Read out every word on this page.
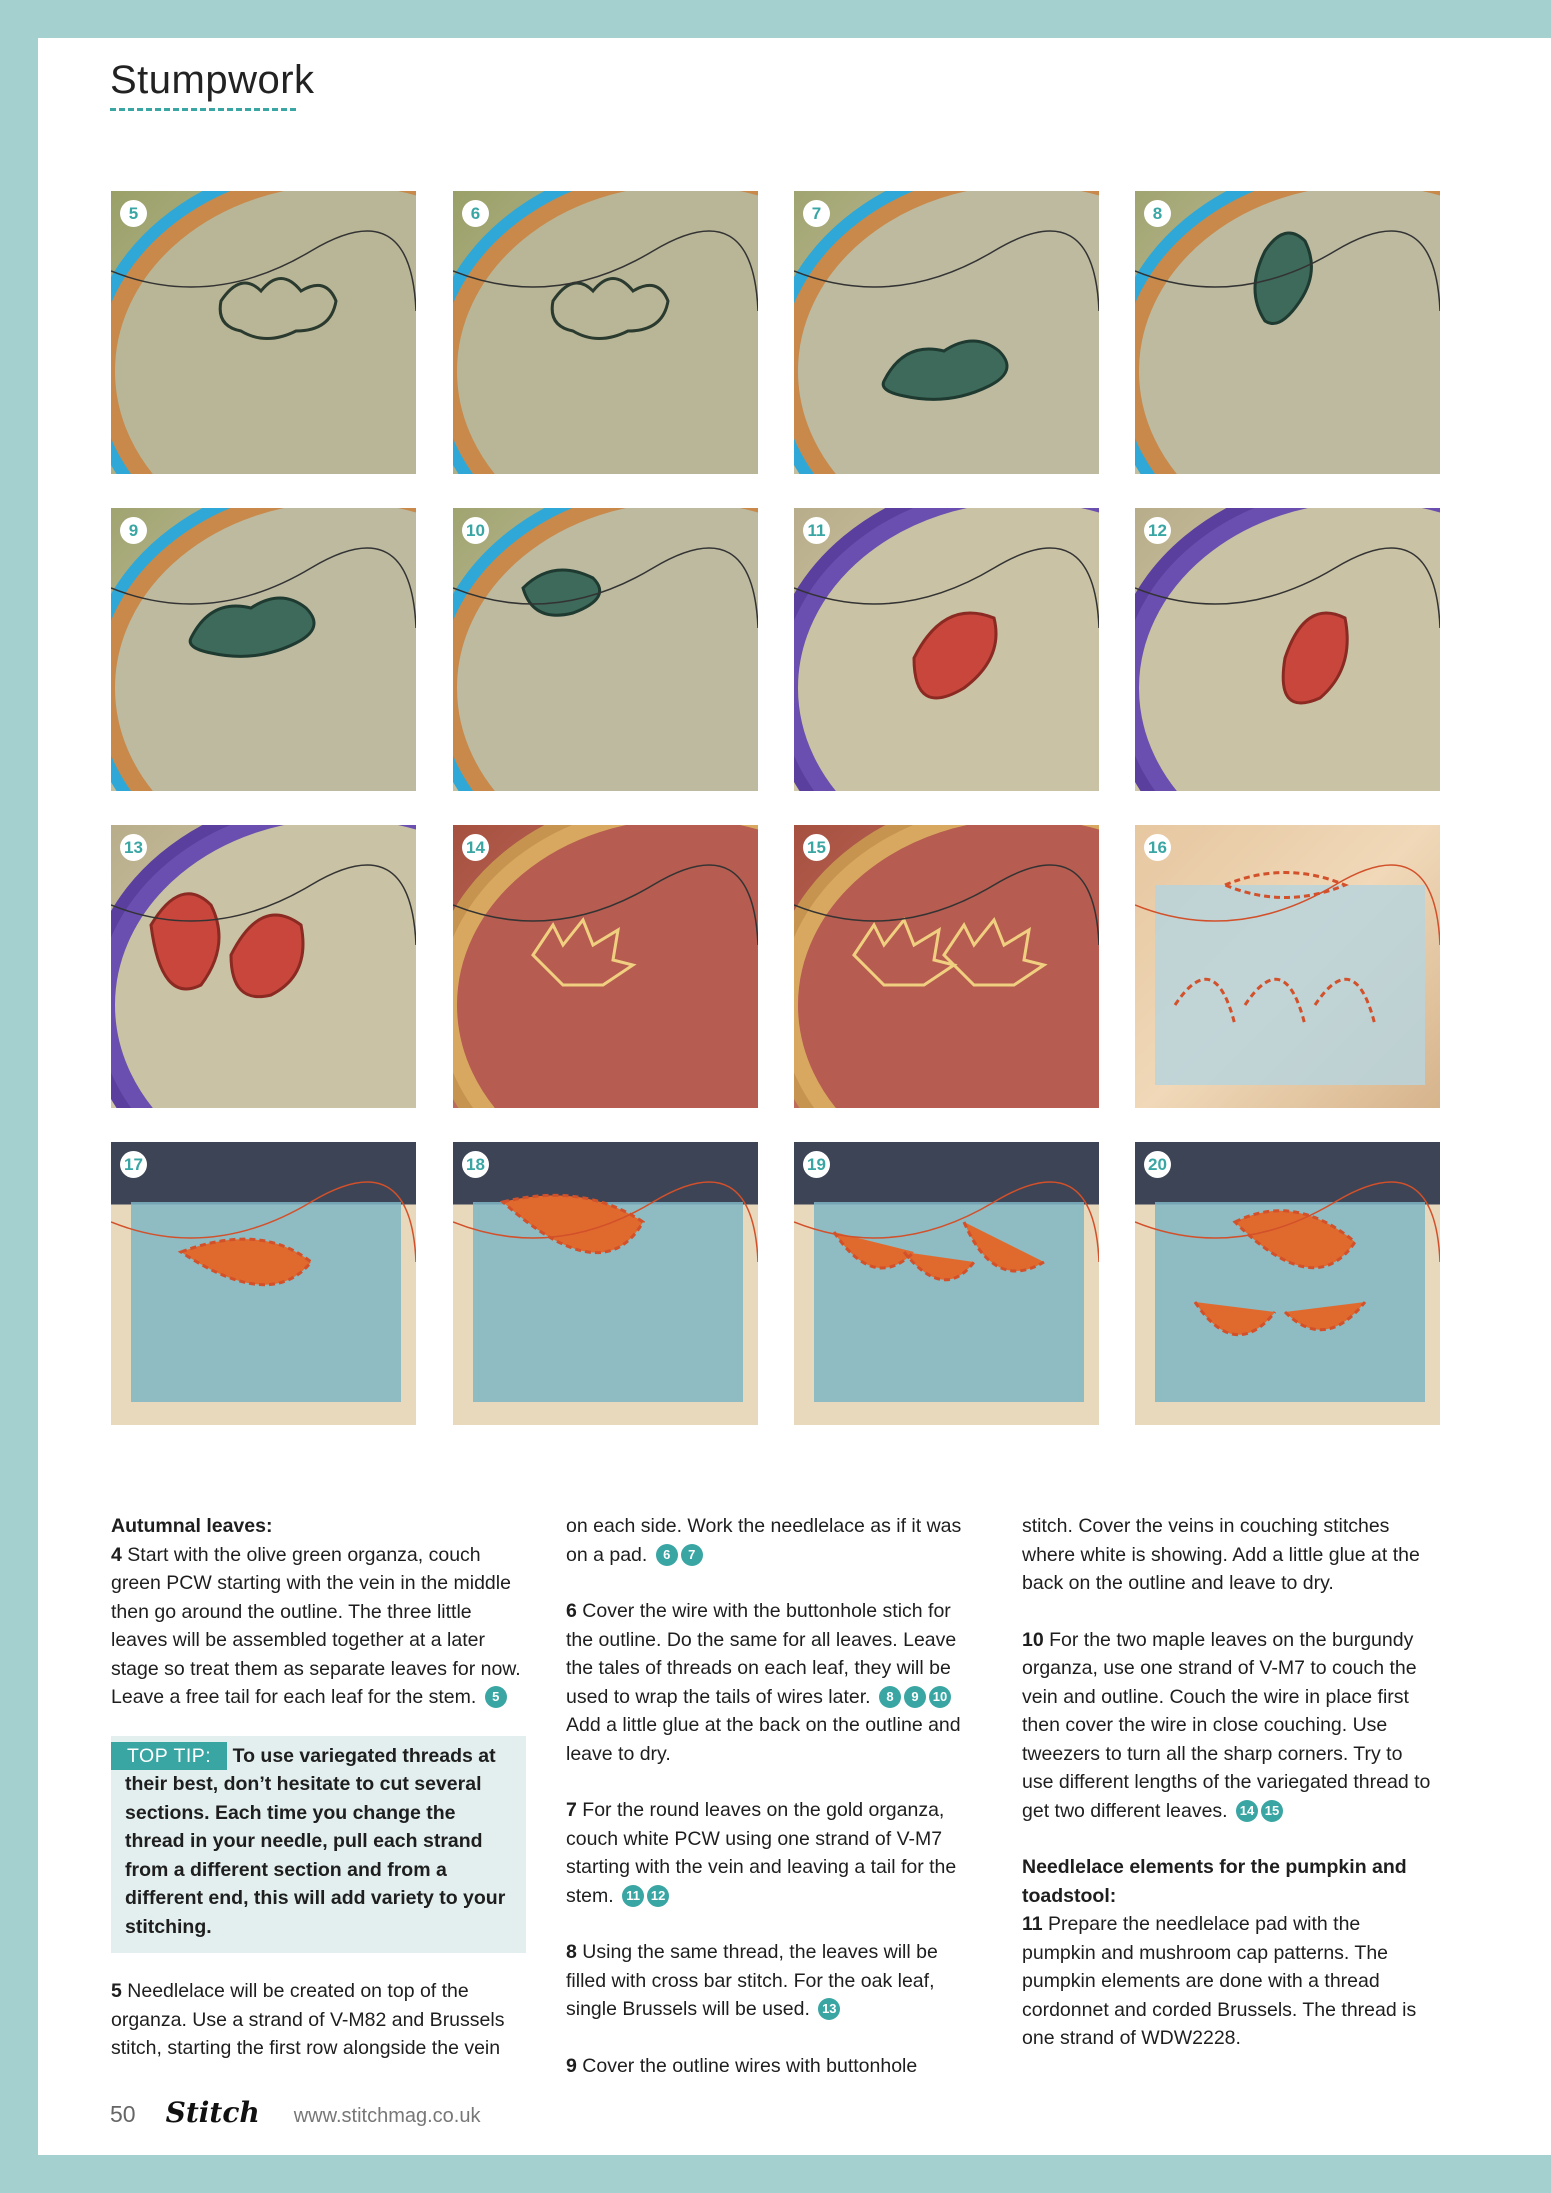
Stumpwork
5	6	7	8
9	10	11	12
13	14	15	16
17	18	19	20

Autumnal leaves:

4 Start with the olive green organza, couch green PCW starting with the vein in the middle then go around the outline. The three little leaves will be assembled together at a later stage so treat them as separate leaves for now. Leave a free tail for each leaf for the stem. 5

TOP TIP: To use variegated threads at their best, don’t hesitate to cut several sections. Each time you change the thread in your needle, pull each strand from a different section and from a different end, this will add variety to your stitching.

5 Needlelace will be created on top of the organza. Use a strand of V-M82 and Brussels stitch, starting the first row alongside the vein

on each side. Work the needlelace as if it was on a pad. 6 7

6 Cover the wire with the buttonhole stich for the outline. Do the same for all leaves. Leave the tales of threads on each leaf, they will be used to wrap the tails of wires later. 8 9 10 Add a little glue at the back on the outline and leave to dry.

7 For the round leaves on the gold organza, couch white PCW using one strand of V-M7 starting with the vein and leaving a tail for the stem. 11 12

8 Using the same thread, the leaves will be filled with cross bar stitch. For the oak leaf, single Brussels will be used. 13

9 Cover the outline wires with buttonhole

stitch. Cover the veins in couching stitches where white is showing. Add a little glue at the back on the outline and leave to dry.

10 For the two maple leaves on the burgundy organza, use one strand of V-M7 to couch the vein and outline. Couch the wire in place first then cover the wire in close couching. Use tweezers to turn all the sharp corners. Try to use different lengths of the variegated thread to get two different leaves. 14 15

Needlelace elements for the pumpkin and toadstool:

11 Prepare the needlelace pad with the pumpkin and mushroom cap patterns. The pumpkin elements are done with a thread cordonnet and corded Brussels. The thread is one strand of WDW2228.

50 Stitch www.stitchmag.co.uk
